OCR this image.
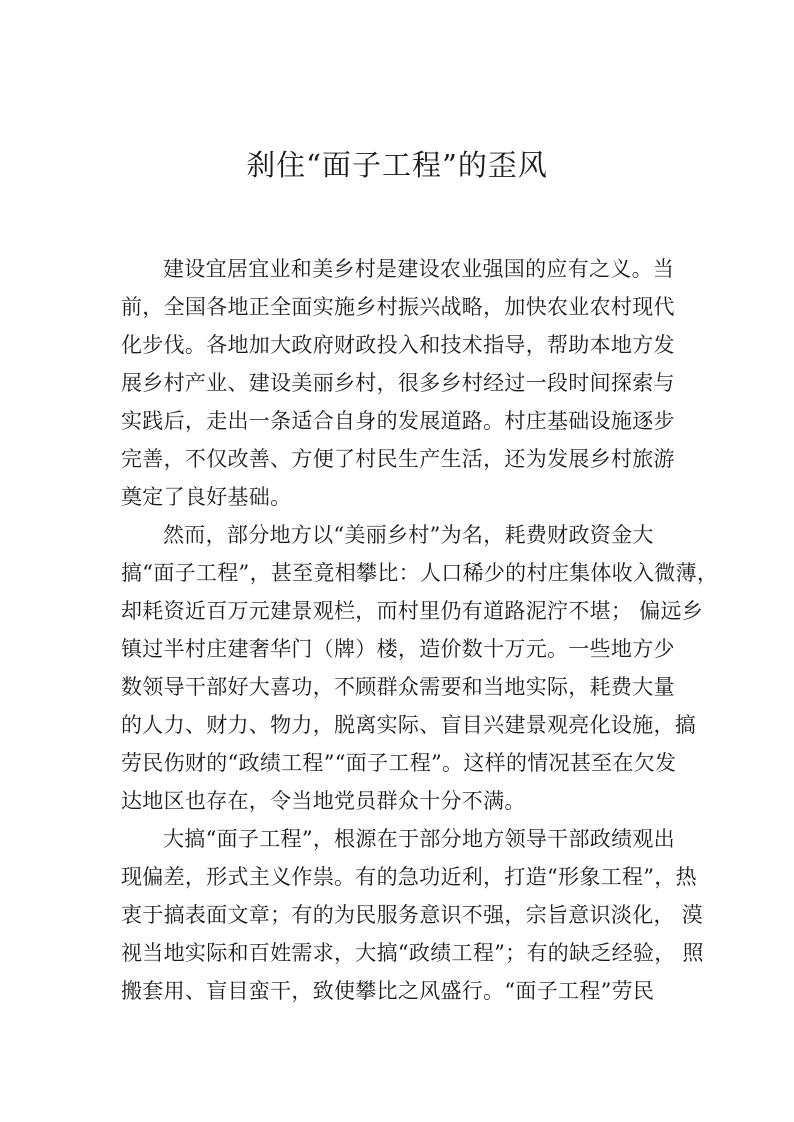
刹住“面子工程”的歪风
建设宜居宜业和美乡村是建设农业强国的应有之义。当
前，全国各地正全面实施乡村振兴战略，加快农业农村现代
化步伐。各地加大政府财政投入和技术指导，帮助本地方发
展乡村产业、建设美丽乡村，很多乡村经过一段时间探索与
实践后，走出一条适合自身的发展道路。村庄基础设施逐步
完善，不仅改善、方便了村民生产生活，还为发展乡村旅游
奠定了良好基础。
然而，部分地方以“美丽乡村”为名，耗费财政资金大
搞“面子工程”，甚至竟相攀比：人口稀少的村庄集体收入微薄，
却耗资近百万元建景观栏，而村里仍有道路泥泞不堪； 偏远乡
镇过半村庄建奢华门（牌）楼，造价数十万元。一些地方少
数领导干部好大喜功，不顾群众需要和当地实际，耗费大量
的人力、财力、物力，脱离实际、盲目兴建景观亮化设施，搞
劳民伤财的“政绩工程”“面子工程”。这样的情况甚至在欠发
达地区也存在，令当地党员群众十分不满。
大搞“面子工程”，根源在于部分地方领导干部政绩观出
现偏差，形式主义作祟。有的急功近利，打造“形象工程”，热
衷于搞表面文章；有的为民服务意识不强，宗旨意识淡化， 漠
视当地实际和百姓需求，大搞“政绩工程”；有的缺乏经验， 照
搬套用、盲目蛮干，致使攀比之风盛行。“面子工程”劳民
